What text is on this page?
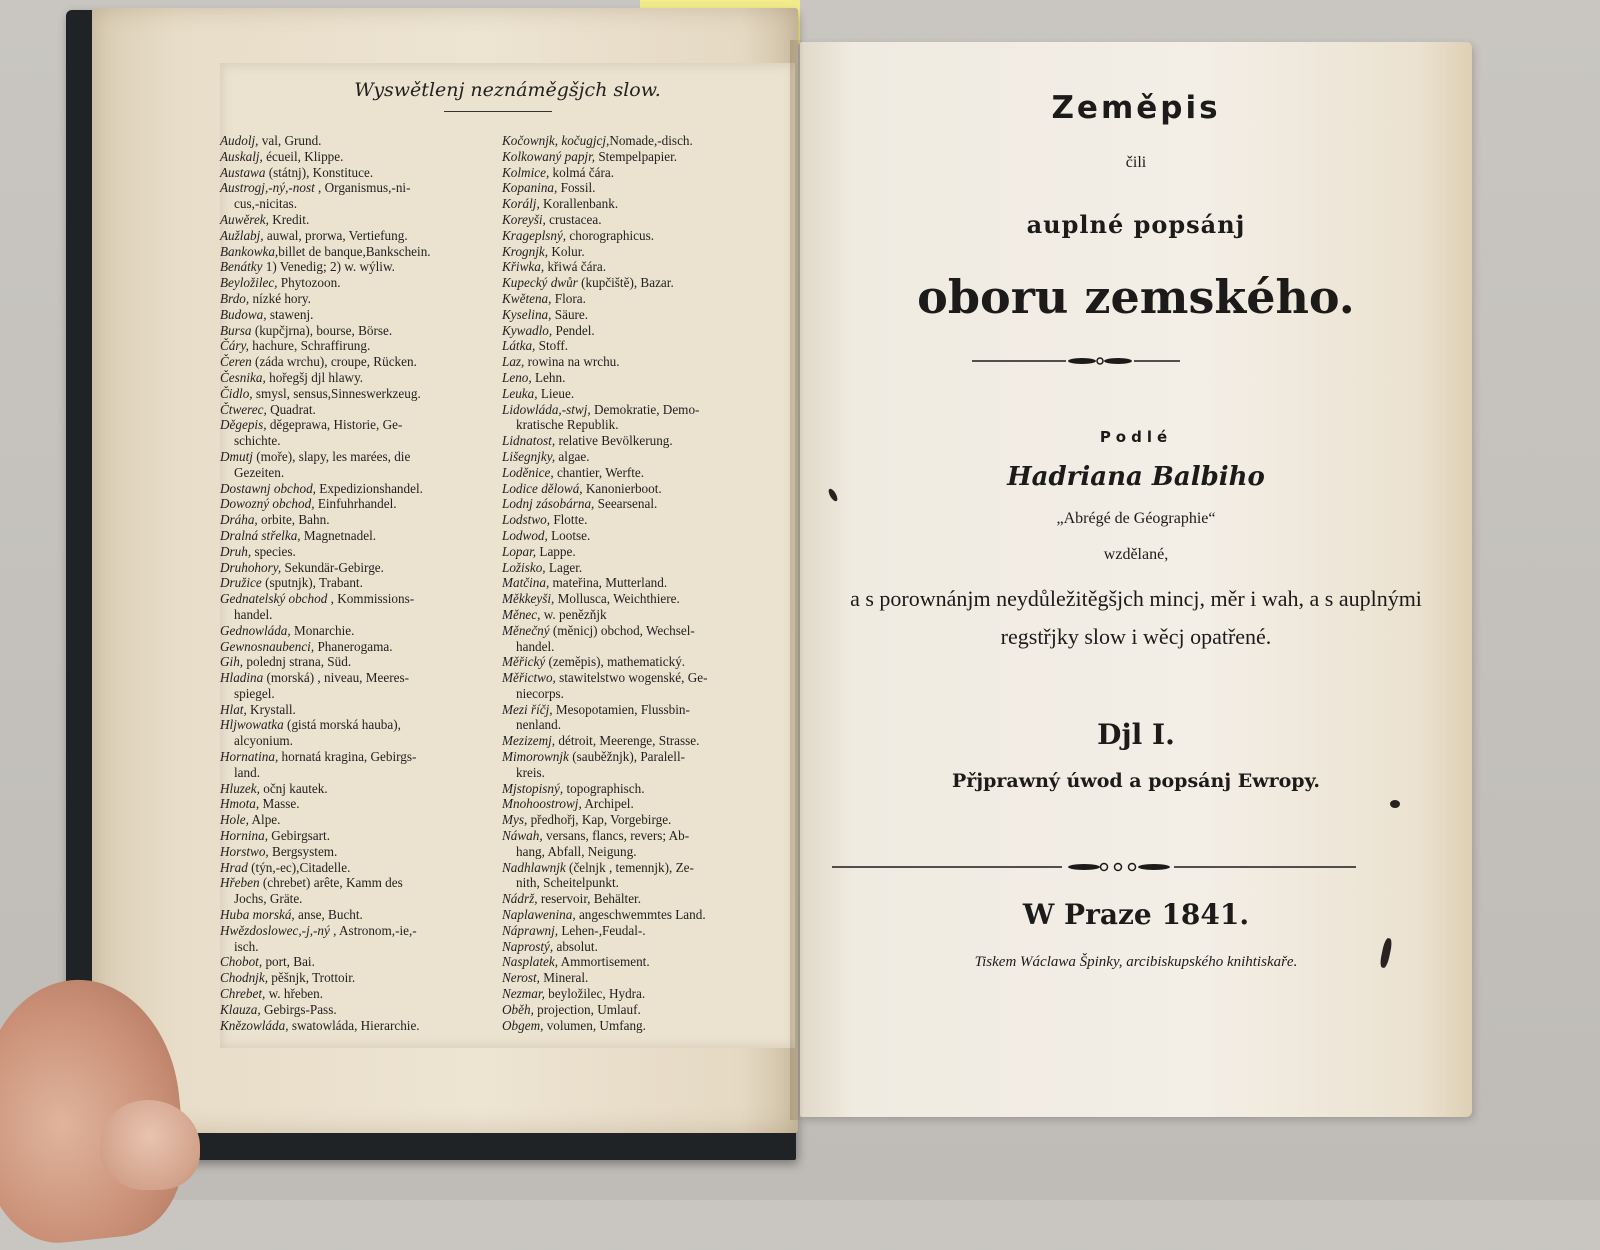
Wyswětlenj neznáměgšjch slow.
Audolj, val, Grund.
Auskalj, écueil, Klippe.
Austawa (státnj), Konstituce.
Austrogj,-ný,-nost , Organismus,-ni-
cus,-nicitas.
Auwěrek, Kredit.
Aužlabj, auwal, prorwa, Vertiefung.
Bankowka,billet de banque,Bankschein.
Benátky 1) Venedig; 2) w. wýliw.
Beyložilec, Phytozoon.
Brdo, nízké hory.
Budowa, stawenj.
Bursa (kupčjrna), bourse, Börse.
Čáry, hachure, Schraffirung.
Čeren (záda wrchu), croupe, Rücken.
Česnika, hořegšj djl hlawy.
Čidlo, smysl, sensus,Sinneswerkzeug.
Čtwerec, Quadrat.
Děgepis, děgeprawa, Historie, Ge-
schichte.
Dmutj (moře), slapy, les marées, die
Gezeiten.
Dostawnj obchod, Expedizionshandel.
Dowozný obchod, Einfuhrhandel.
Dráha, orbite, Bahn.
Dralná střelka, Magnetnadel.
Druh, species.
Druhohory, Sekundär-Gebirge.
Družice (sputnjk), Trabant.
Gednatelský obchod , Kommissions-
handel.
Gednowláda, Monarchie.
Gewnosnaubenci, Phanerogama.
Gih, polednj strana, Süd.
Hladina (morská) , niveau, Meeres-
spiegel.
Hlat, Krystall.
Hljwowatka (gistá morská hauba),
alcyonium.
Hornatina, hornatá kragina, Gebirgs-
land.
Hluzek, očnj kautek.
Hmota, Masse.
Hole, Alpe.
Hornina, Gebirgsart.
Horstwo, Bergsystem.
Hrad (týn,-ec),Citadelle.
Hřeben (chrebet) arête, Kamm des
Jochs, Gräte.
Huba morská, anse, Bucht.
Hwězdoslowec,-j,-ný , Astronom,-ie,-
isch.
Chobot, port, Bai.
Chodnjk, pěšnjk, Trottoir.
Chrebet, w. hřeben.
Klauza, Gebirgs-Pass.
Knězowláda, swatowláda, Hierarchie.
Kočownjk, kočugjcj,Nomade,-disch.
Kolkowaný papjr, Stempelpapier.
Kolmice, kolmá čára.
Kopanina, Fossil.
Korálj, Korallenbank.
Koreyši, crustacea.
Krageplsný, chorographicus.
Krognjk, Kolur.
Křiwka, křiwá čára.
Kupecký dwůr (kupčiště), Bazar.
Kwětena, Flora.
Kyselina, Säure.
Kywadlo, Pendel.
Látka, Stoff.
Laz, rowina na wrchu.
Leno, Lehn.
Leuka, Lieue.
Lidowláda,-stwj, Demokratie, Demo-
kratische Republik.
Lidnatost, relative Bevölkerung.
Lišegnjky, algae.
Loděnice, chantier, Werfte.
Lodice dělowá, Kanonierboot.
Lodnj zásobárna, Seearsenal.
Lodstwo, Flotte.
Lodwod, Lootse.
Lopar, Lappe.
Ložisko, Lager.
Matčina, mateřina, Mutterland.
Měkkeyši, Mollusca, Weichthiere.
Měnec, w. penězňjk
Měnečný (měnicj) obchod, Wechsel-
handel.
Měřický (zeměpis), mathematický.
Měřictwo, stawitelstwo wogenské, Ge-
niecorps.
Mezi říčj, Mesopotamien, Flussbin-
nenland.
Mezizemj, détroit, Meerenge, Strasse.
Mimorownjk (sauběžnjk), Paralell-
kreis.
Mjstopisný, topographisch.
Mnohoostrowj, Archipel.
Mys, předhořj, Kap, Vorgebirge.
Náwah, versans, flancs, revers; Ab-
hang, Abfall, Neigung.
Nadhlawnjk (čelnjk , temennjk), Ze-
nith, Scheitelpunkt.
Nádrž, reservoir, Behälter.
Naplawenina, angeschwemmtes Land.
Náprawnj, Lehen-,Feudal-.
Naprostý, absolut.
Nasplatek, Ammortisement.
Nerost, Mineral.
Nezmar, beyložilec, Hydra.
Oběh, projection, Umlauf.
Obgem, volumen, Umfang.
Zeměpis
čili
auplné popsánj
oboru zemského.
Podlé
Hadriana Balbiho
„Abrégé de Géographie“
wzdělané,
a s porownánjm neydůležitěgšjch mincj, měr i wah, a s auplnými regstřjky slow i wěcj opatřené.
Djl I.
Přjprawný úwod a popsánj Ewropy.
W Praze 1841.
Tiskem Wáclawa Špinky, arcibiskupského knihtiskaře.
